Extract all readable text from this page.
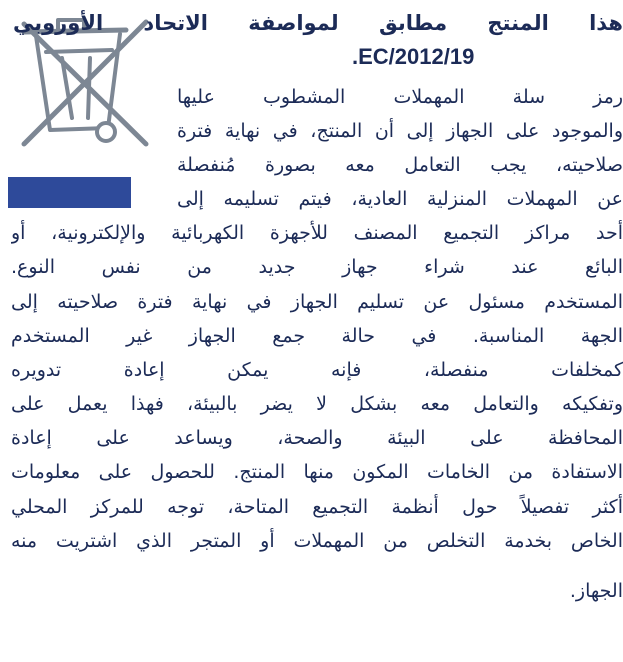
هذا المنتج مطابق لمواصفة الاتحاد الأوروبي
.EC/2012/19
رمز سلة المهملات المشطوب عليها
والموجود على الجهاز إلى أن المنتج، في نهاية فترة
صلاحيته، يجب التعامل معه بصورة مُنفصلة
عن المهملات المنزلية العادية، فيتم تسليمه إلى
أحد مراكز التجميع المصنف للأجهزة الكهربائية والإلكترونية، أو
البائع عند شراء جهاز جديد من نفس النوع.
المستخدم مسئول عن تسليم الجهاز في نهاية فترة صلاحيته إلى
الجهة المناسبة. في حالة جمع الجهاز غير المستخدم
كمخلفات منفصلة، فإنه يمكن إعادة تدويره
وتفكيكه والتعامل معه بشكل لا يضر بالبيئة، فهذا يعمل على
المحافظة على البيئة والصحة، ويساعد على إعادة
الاستفادة من الخامات المكون منها المنتج. للحصول على معلومات
أكثر تفصيلاً حول أنظمة التجميع المتاحة، توجه للمركز المحلي
الخاص بخدمة التخلص من المهملات أو المتجر الذي اشتريت منه
الجهاز.
